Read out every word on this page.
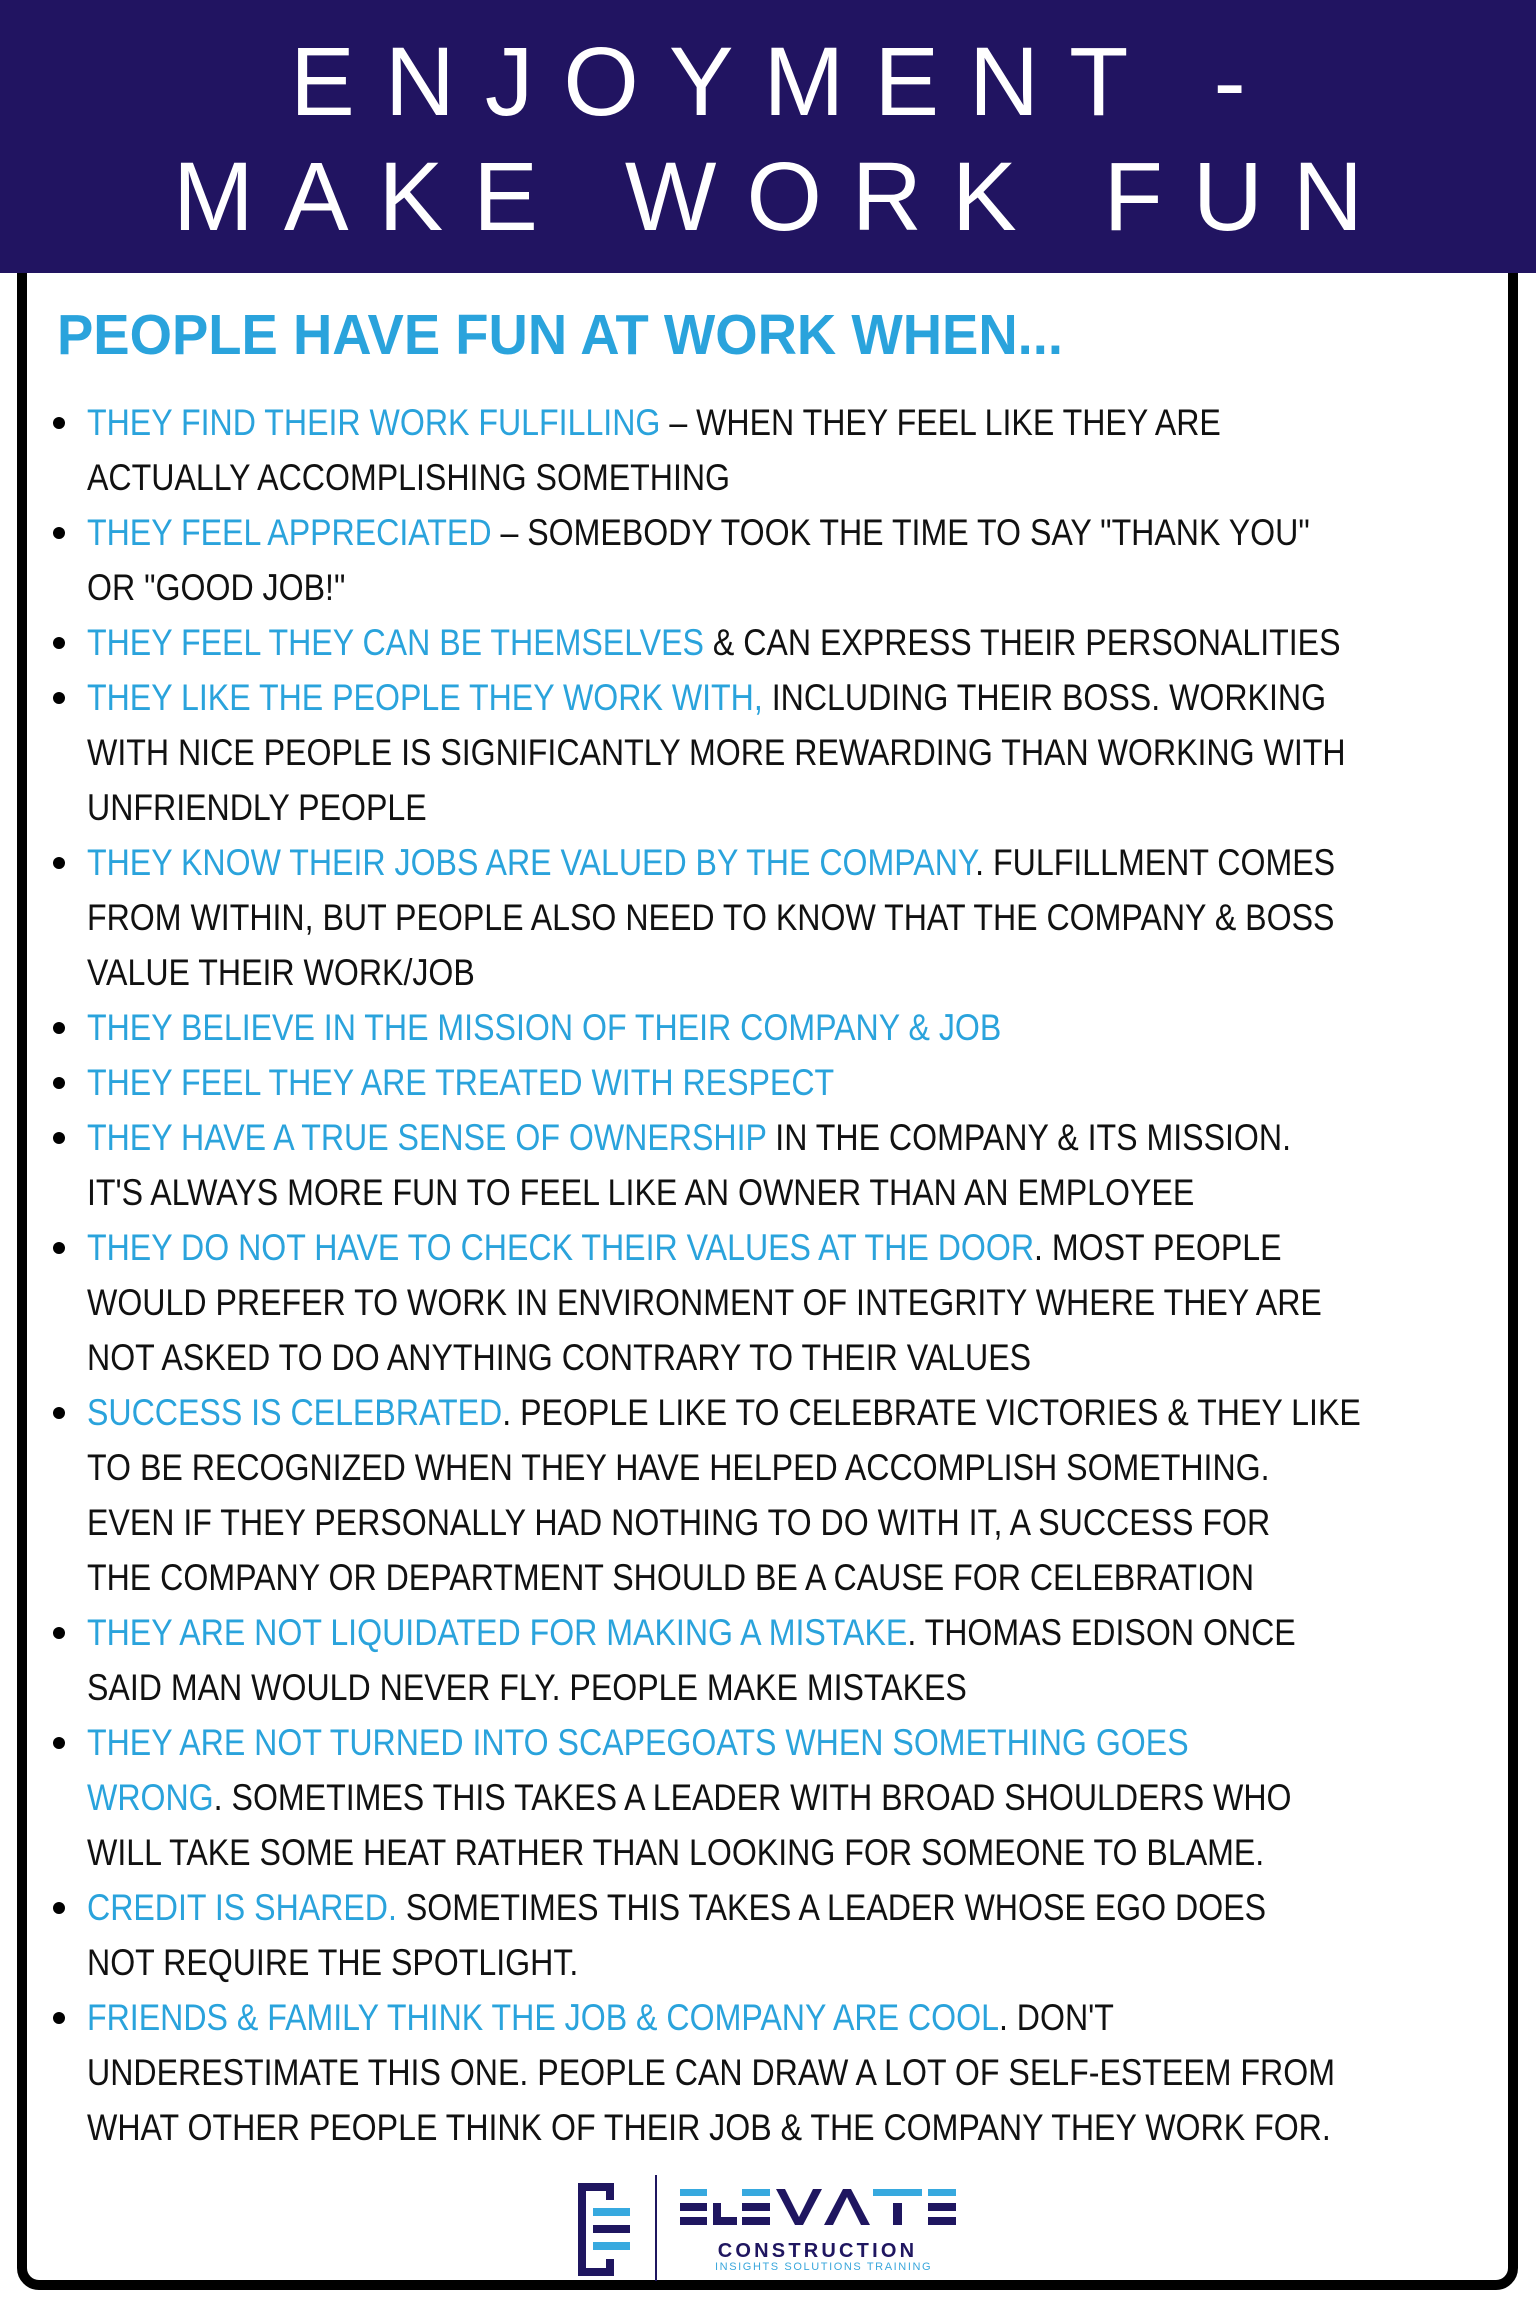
ENJOYMENT -
MAKE WORK FUN
PEOPLE HAVE FUN AT WORK WHEN...
THEY FIND THEIR WORK FULFILLING – WHEN THEY FEEL LIKE THEY ARE
ACTUALLY ACCOMPLISHING SOMETHING
THEY FEEL APPRECIATED – SOMEBODY TOOK THE TIME TO SAY "THANK YOU"
OR "GOOD JOB!"
THEY FEEL THEY CAN BE THEMSELVES & CAN EXPRESS THEIR PERSONALITIES
THEY LIKE THE PEOPLE THEY WORK WITH, INCLUDING THEIR BOSS. WORKING
WITH NICE PEOPLE IS SIGNIFICANTLY MORE REWARDING THAN WORKING WITH
UNFRIENDLY PEOPLE
THEY KNOW THEIR JOBS ARE VALUED BY THE COMPANY. FULFILLMENT COMES
FROM WITHIN, BUT PEOPLE ALSO NEED TO KNOW THAT THE COMPANY & BOSS
VALUE THEIR WORK/JOB
THEY BELIEVE IN THE MISSION OF THEIR COMPANY & JOB
THEY FEEL THEY ARE TREATED WITH RESPECT
THEY HAVE A TRUE SENSE OF OWNERSHIP IN THE COMPANY & ITS MISSION.
IT'S ALWAYS MORE FUN TO FEEL LIKE AN OWNER THAN AN EMPLOYEE
THEY DO NOT HAVE TO CHECK THEIR VALUES AT THE DOOR. MOST PEOPLE
WOULD PREFER TO WORK IN ENVIRONMENT OF INTEGRITY WHERE THEY ARE
NOT ASKED TO DO ANYTHING CONTRARY TO THEIR VALUES
SUCCESS IS CELEBRATED. PEOPLE LIKE TO CELEBRATE VICTORIES & THEY LIKE
TO BE RECOGNIZED WHEN THEY HAVE HELPED ACCOMPLISH SOMETHING.
EVEN IF THEY PERSONALLY HAD NOTHING TO DO WITH IT, A SUCCESS FOR
THE COMPANY OR DEPARTMENT SHOULD BE A CAUSE FOR CELEBRATION
THEY ARE NOT LIQUIDATED FOR MAKING A MISTAKE. THOMAS EDISON ONCE
SAID MAN WOULD NEVER FLY. PEOPLE MAKE MISTAKES
THEY ARE NOT TURNED INTO SCAPEGOATS WHEN SOMETHING GOES
WRONG. SOMETIMES THIS TAKES A LEADER WITH BROAD SHOULDERS WHO
WILL TAKE SOME HEAT RATHER THAN LOOKING FOR SOMEONE TO BLAME.
CREDIT IS SHARED. SOMETIMES THIS TAKES A LEADER WHOSE EGO DOES
NOT REQUIRE THE SPOTLIGHT.
FRIENDS & FAMILY THINK THE JOB & COMPANY ARE COOL. DON'T
UNDERESTIMATE THIS ONE. PEOPLE CAN DRAW A LOT OF SELF-ESTEEM FROM
WHAT OTHER PEOPLE THINK OF THEIR JOB & THE COMPANY THEY WORK FOR.
CONSTRUCTION
INSIGHTS SOLUTIONS TRAINING
